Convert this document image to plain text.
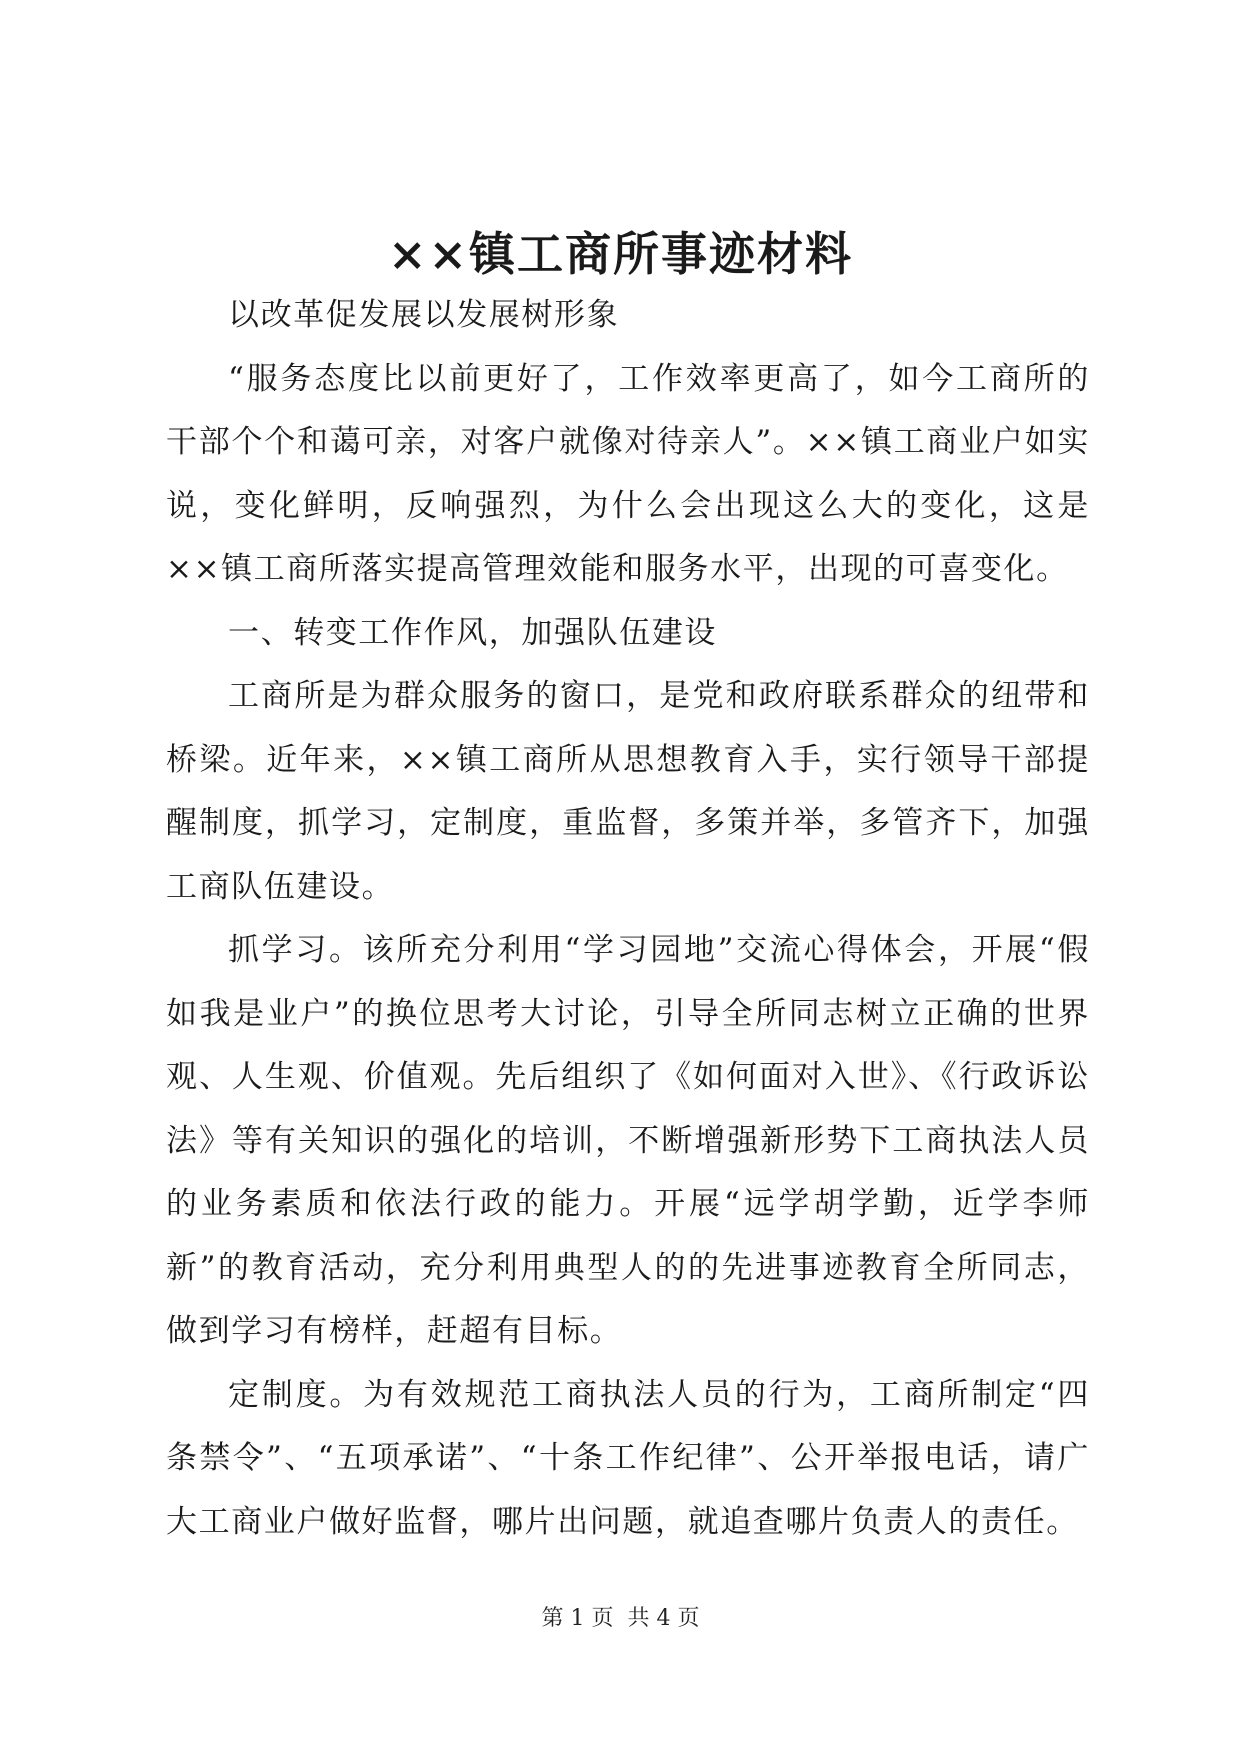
××镇工商所事迹材料

以改革促发展以发展树形象

“服务态度比以前更好了，工作效率更高了，如今工商所的干部个个和蔼可亲，对客户就像对待亲人”。××镇工商业户如实说，变化鲜明，反响强烈，为什么会出现这么大的变化，这是××镇工商所落实提高管理效能和服务水平，出现的可喜变化。

一、转变工作作风，加强队伍建设

工商所是为群众服务的窗口，是党和政府联系群众的纽带和桥梁。近年来，××镇工商所从思想教育入手，实行领导干部提醒制度，抓学习，定制度，重监督，多策并举，多管齐下，加强工商队伍建设。

抓学习。该所充分利用“学习园地”交流心得体会，开展“假如我是业户”的换位思考大讨论，引导全所同志树立正确的世界观、人生观、价值观。先后组织了《如何面对入世》、《行政诉讼法》等有关知识的强化的培训，不断增强新形势下工商执法人员的业务素质和依法行政的能力。开展“远学胡学勤，近学李师新”的教育活动，充分利用典型人的的先进事迹教育全所同志，做到学习有榜样，赶超有目标。

定制度。为有效规范工商执法人员的行为，工商所制定“四条禁令”、“五项承诺”、“十条工作纪律”、公开举报电话，请广大工商业户做好监督，哪片出问题，就追查哪片负责人的责任。

第 1 页  共 4 页
